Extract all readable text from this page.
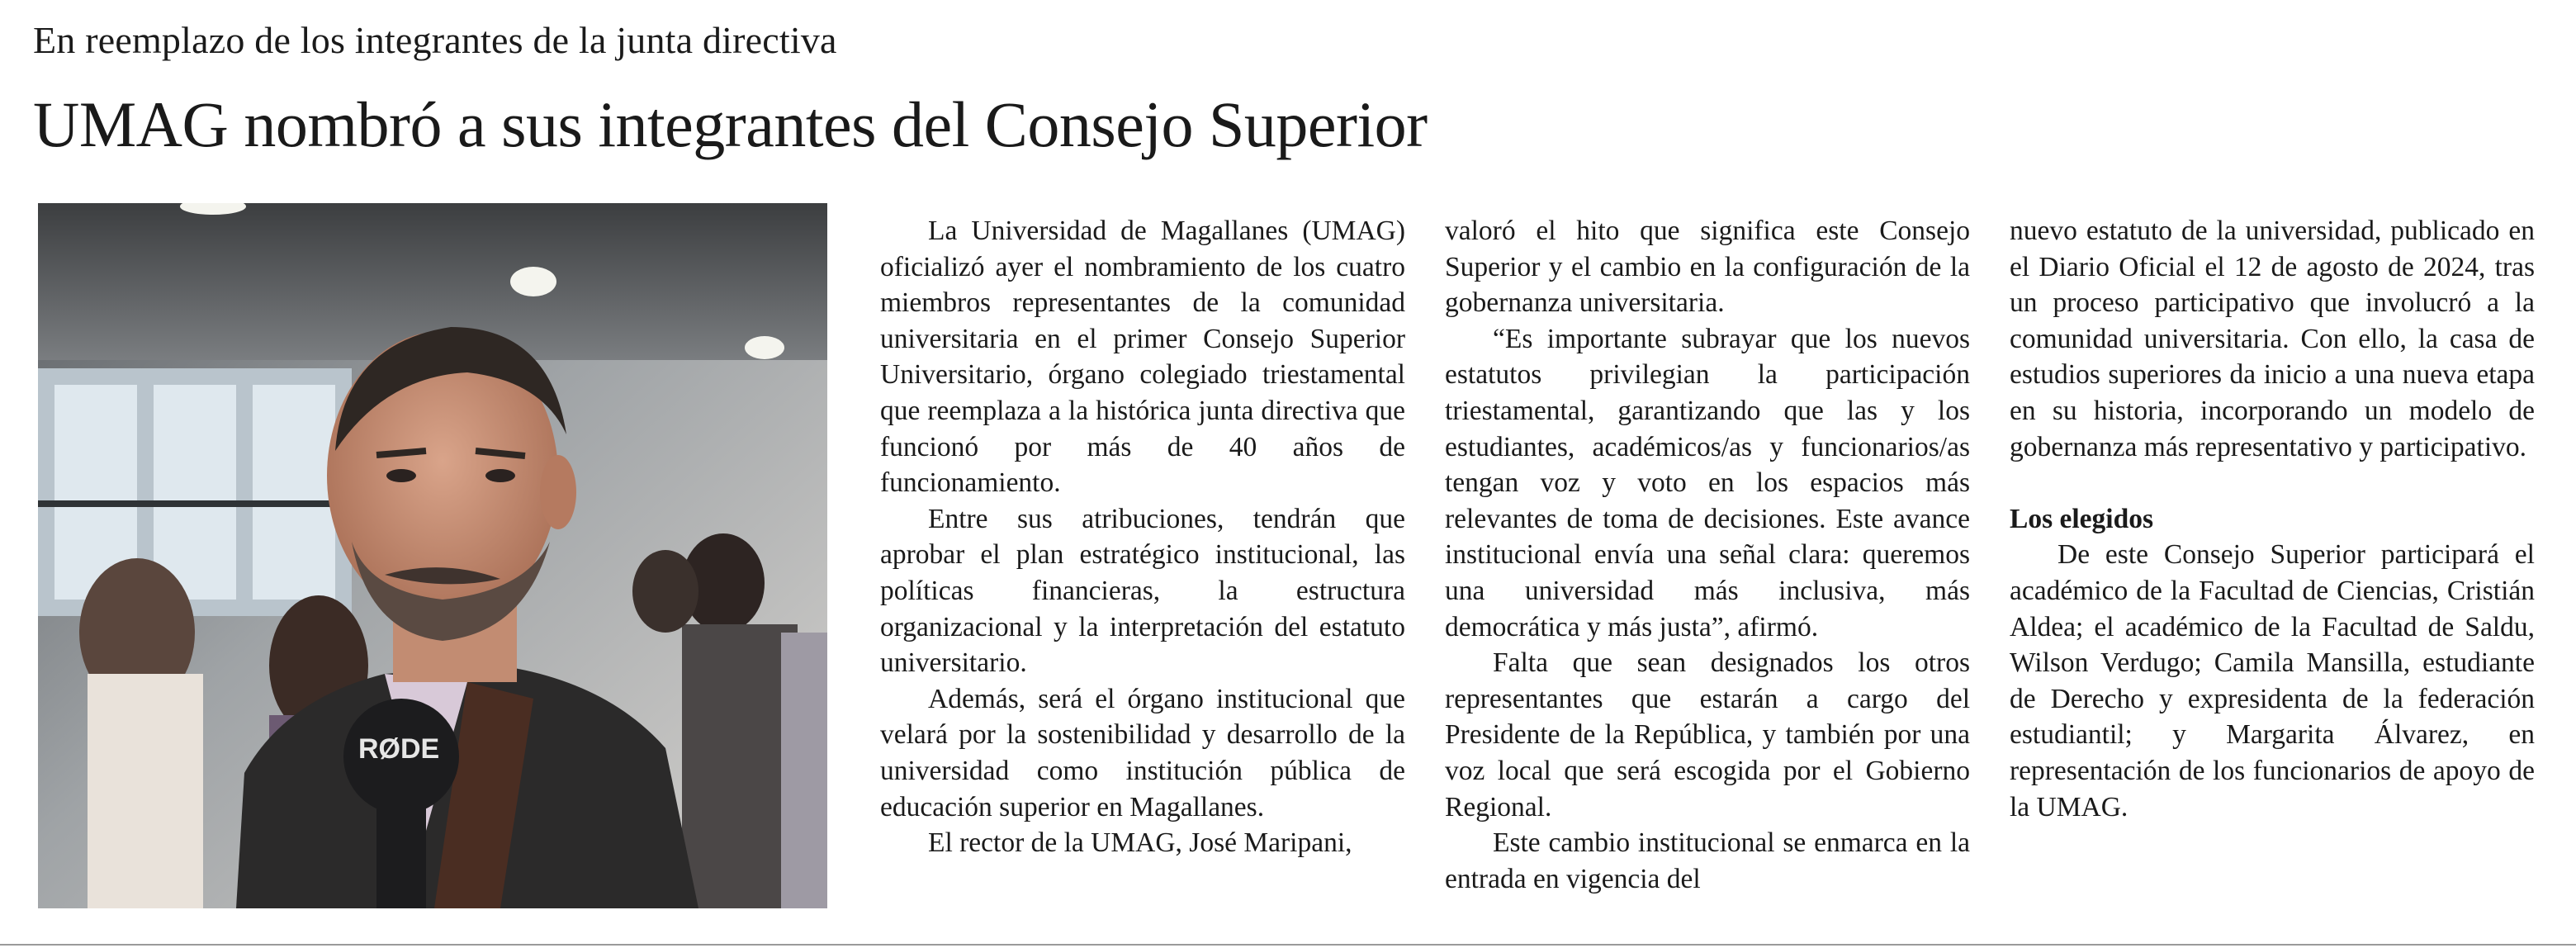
En reemplazo de los integrantes de la junta directiva
UMAG nombró a sus integrantes del Consejo Superior
RØDE

La Universidad de Magallanes (UMAG) oficializó ayer el nombramiento de los cuatro miembros representantes de la comunidad universitaria en el primer Consejo Superior Universitario, órgano colegiado triestamental que reemplaza a la histórica junta directiva que funcionó por más de 40 años de funcionamiento.

Entre sus atribuciones, tendrán que aprobar el plan estratégico institucional, las políticas financieras, la estructura organizacional y la interpretación del estatuto universitario.

Además, será el órgano institucional que velará por la sostenibilidad y desarrollo de la universidad como institución pública de educación superior en Magallanes.

El rector de la UMAG, José Maripani,

valoró el hito que significa este Consejo Superior y el cambio en la configuración de la gobernanza universitaria.

“Es importante subrayar que los nuevos estatutos privilegian la participación triestamental, garantizando que las y los estudiantes, académicos/as y funcionarios/as tengan voz y voto en los espacios más relevantes de toma de decisiones. Este avance institucional envía una señal clara: queremos una universidad más inclusiva, más democrática y más justa”, afirmó.

Falta que sean designados los otros representantes que estarán a cargo del Presidente de la República, y también por una voz local que será escogida por el Gobierno Regional.

Este cambio institucional se enmarca en la entrada en vigencia del

nuevo estatuto de la universidad, publicado en el Diario Oficial el 12 de agosto de 2024, tras un proceso participativo que involucró a la comunidad universitaria. Con ello, la casa de estudios superiores da inicio a una nueva etapa en su historia, incorporando un modelo de gobernanza más representativo y participativo.

Los elegidos

De este Consejo Superior participará el académico de la Facultad de Ciencias, Cristián Aldea; el académico de la Facultad de Saldu, Wilson Verdugo; Camila Mansilla, estudiante de Derecho y expresidenta de la federación estudiantil; y Margarita Álvarez, en representación de los funcionarios de apoyo de la UMAG.
